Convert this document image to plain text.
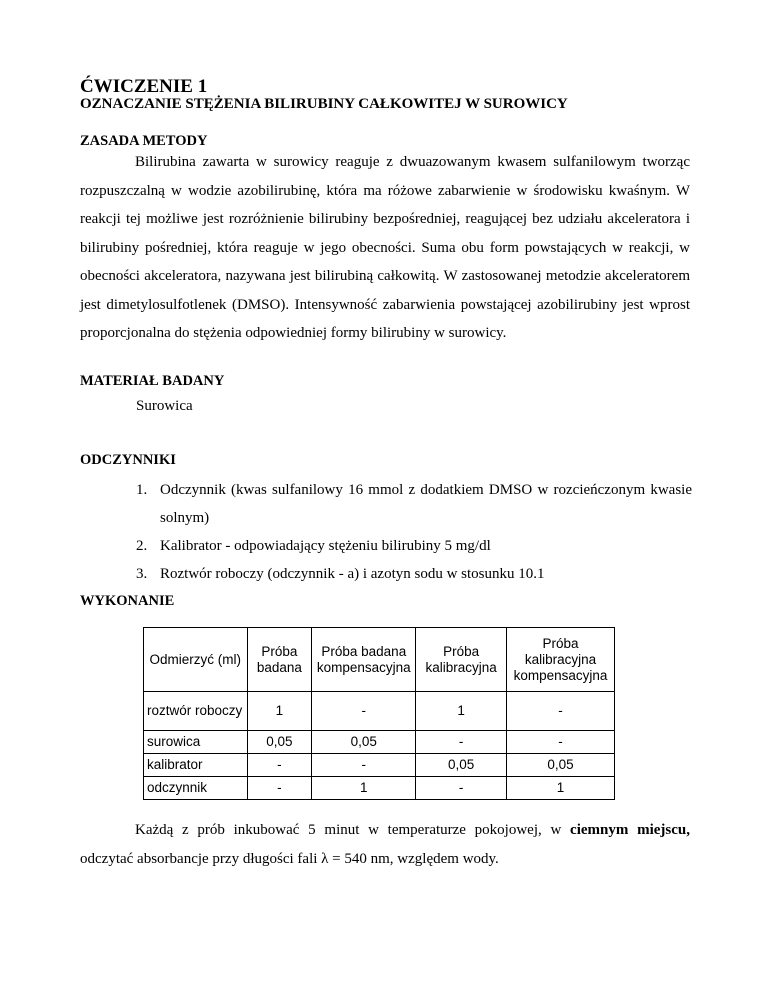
ĆWICZENIE 1
OZNACZANIE STĘŻENIA BILIRUBINY CAŁKOWITEJ W SUROWICY
ZASADA METODY

Bilirubina zawarta w surowicy reaguje z dwuazowanym kwasem sulfanilowym tworząc rozpuszczalną w wodzie azobilirubinę, która ma różowe zabarwienie w środowisku kwaśnym. W reakcji tej możliwe jest rozróżnienie bilirubiny bezpośredniej, reagującej bez udziału akceleratora i bilirubiny pośredniej, która reaguje w jego obecności. Suma obu form powstających w reakcji, w obecności akceleratora, nazywana jest bilirubiną całkowitą. W zastosowanej metodzie akceleratorem jest dimetylosulfotlenek (DMSO). Intensywność zabarwienia powstającej azobilirubiny jest wprost proporcjonalna do stężenia odpowiedniej formy bilirubiny w surowicy.

MATERIAŁ BADANY

Surowica

ODCZYNNIKI
1. Odczynnik (kwas sulfanilowy 16 mmol z dodatkiem DMSO w rozcieńczonym kwasie solnym)
2. Kalibrator - odpowiadający stężeniu bilirubiny 5 mg/dl
3. Roztwór roboczy (odczynnik - a) i azotyn sodu w stosunku 10.1
WYKONANIE
Odmierzyć (ml)	Próba badana	Próba badana kompensacyjna	Próba kalibracyjna	Próba kalibracyjna kompensacyjna
roztwór roboczy	1	-	1	-
surowica	0,05	0,05	-	-
kalibrator	-	-	0,05	0,05
odczynnik	-	1	-	1

Każdą z prób inkubować 5 minut w temperaturze pokojowej, w ciemnym miejscu, odczytać absorbancje przy długości fali λ = 540 nm, względem wody.
